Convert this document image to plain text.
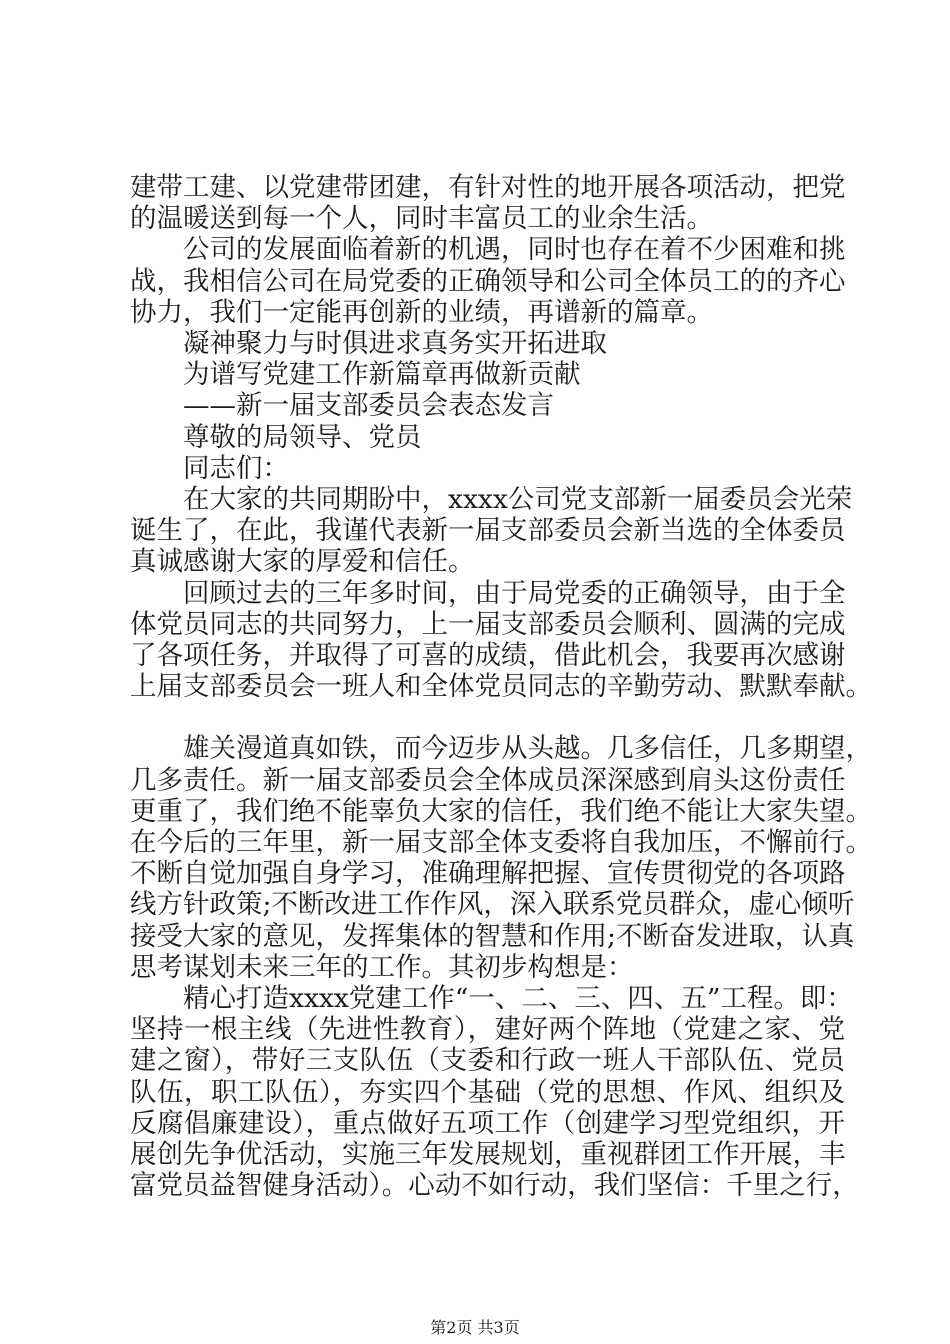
建带工建、以党建带团建，有针对性的地开展各项活动，把党
的温暖送到每一个人，同时丰富员工的业余生活。
公司的发展面临着新的机遇，同时也存在着不少困难和挑
战，我相信公司在局党委的正确领导和公司全体员工的的齐心
协力，我们一定能再创新的业绩，再谱新的篇章。
凝神聚力与时俱进求真务实开拓进取
为谱写党建工作新篇章再做新贡献
——新一届支部委员会表态发言
尊敬的局领导、党员
同志们：
在大家的共同期盼中，xxxx公司党支部新一届委员会光荣
诞生了，在此，我谨代表新一届支部委员会新当选的全体委员
真诚感谢大家的厚爱和信任。
回顾过去的三年多时间，由于局党委的正确领导，由于全
体党员同志的共同努力，上一届支部委员会顺利、圆满的完成
了各项任务，并取得了可喜的成绩，借此机会，我要再次感谢
上届支部委员会一班人和全体党员同志的辛勤劳动、默默奉献。
雄关漫道真如铁，而今迈步从头越。几多信任，几多期望，
几多责任。新一届支部委员会全体成员深深感到肩头这份责任
更重了，我们绝不能辜负大家的信任，我们绝不能让大家失望。
在今后的三年里，新一届支部全体支委将自我加压，不懈前行。
不断自觉加强自身学习，准确理解把握、宣传贯彻党的各项路
线方针政策;不断改进工作作风，深入联系党员群众，虚心倾听
接受大家的意见，发挥集体的智慧和作用;不断奋发进取，认真
思考谋划未来三年的工作。其初步构想是：
精心打造xxxx党建工作“一、二、三、四、五”工程。即：
坚持一根主线（先进性教育），建好两个阵地（党建之家、党
建之窗），带好三支队伍（支委和行政一班人干部队伍、党员
队伍，职工队伍），夯实四个基础（党的思想、作风、组织及
反腐倡廉建设），重点做好五项工作（创建学习型党组织，开
展创先争优活动，实施三年发展规划，重视群团工作开展，丰
富党员益智健身活动）。心动不如行动，我们坚信：千里之行，
第2页 共3页
